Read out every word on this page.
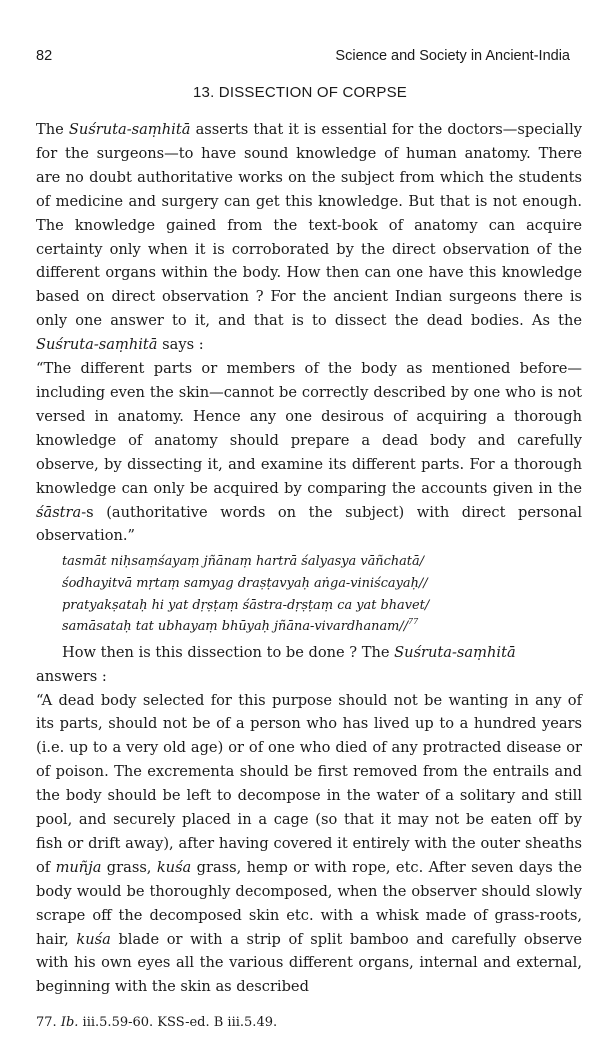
82	Science and Society in Ancient-India
13. DISSECTION OF CORPSE

The Suśruta-saṃhitā asserts that it is essential for the doctors—specially for the surgeons—to have sound knowledge of human anatomy. There are no doubt authoritative works on the subject from which the students of medicine and surgery can get this knowledge. But that is not enough. The knowledge gained from the text-book of anatomy can acquire certainty only when it is corroborated by the direct observation of the different organs within the body. How then can one have this knowledge based on direct observation ? For the ancient Indian surgeons there is only one answer to it, and that is to dissect the dead bodies. As the Suśruta-saṃhitā says :

“The different parts or members of the body as mentioned before—including even the skin—cannot be correctly described by one who is not versed in anatomy. Hence any one desirous of acquiring a thorough knowledge of anatomy should prepare a dead body and carefully observe, by dissecting it, and examine its different parts. For a thorough knowledge can only be acquired by comparing the accounts given in the śāstra-s (authoritative words on the subject) with direct personal observation.”

tasmāt niḥsaṃśayaṃ jñānaṃ hartrā śalyasya vāñchatā/
śodhayitvā mṛtaṃ samyag draṣṭavyaḥ aṅga-viniścayaḥ//
pratyakṣataḥ hi yat dṛṣṭaṃ śāstra-dṛṣṭaṃ ca yat bhavet/
samāsataḥ tat ubhayaṃ bhūyaḥ jñāna-vivardhanam//$^{77}$

How then is this dissection to be done ? The Suśruta-saṃhitā

answers :

“A dead body selected for this purpose should not be wanting in any of its parts, should not be of a person who has lived up to a hundred years (i.e. up to a very old age) or of one who died of any protracted disease or of poison. The excrementa should be first removed from the entrails and the body should be left to decompose in the water of a solitary and still pool, and securely placed in a cage (so that it may not be eaten off by fish or drift away), after having covered it entirely with the outer sheaths of muñja grass, kuśa grass, hemp or with rope, etc. After seven days the body would be thoroughly decomposed, when the observer should slowly scrape off the decomposed skin etc. with a whisk made of grass-roots, hair, kuśa blade or with a strip of split bamboo and carefully observe with his own eyes all the various different organs, internal and external, beginning with the skin as described

77. Ib. iii.5.59-60. KSS-ed. B iii.5.49.
